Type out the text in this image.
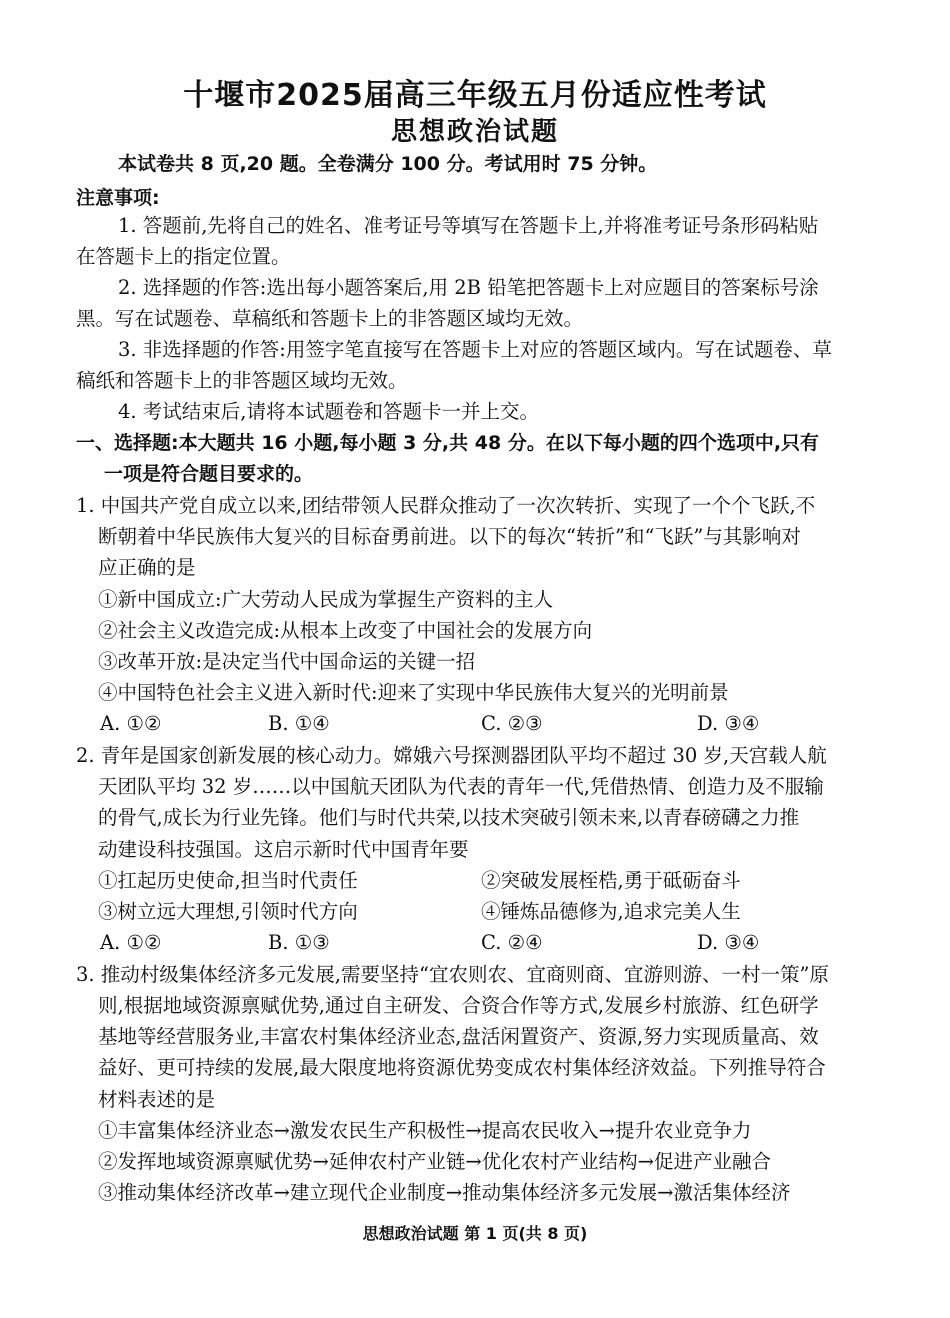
十堰市2025届高三年级五月份适应性考试
思想政治试题
本试卷共 8 页,20 题。全卷满分 100 分。考试用时 75 分钟。
注意事项:
1. 答题前,先将自己的姓名、准考证号等填写在答题卡上,并将准考证号条形码粘贴
在答题卡上的指定位置。
2. 选择题的作答:选出每小题答案后,用 2B 铅笔把答题卡上对应题目的答案标号涂
黑。写在试题卷、草稿纸和答题卡上的非答题区域均无效。
3. 非选择题的作答:用签字笔直接写在答题卡上对应的答题区域内。写在试题卷、草
稿纸和答题卡上的非答题区域均无效。
4. 考试结束后,请将本试题卷和答题卡一并上交。
一、选择题:本大题共 16 小题,每小题 3 分,共 48 分。在以下每小题的四个选项中,只有
一项是符合题目要求的。
1. 中国共产党自成立以来,团结带领人民群众推动了一次次转折、实现了一个个飞跃,不
断朝着中华民族伟大复兴的目标奋勇前进。以下的每次“转折”和“飞跃”与其影响对
应正确的是
①新中国成立:广大劳动人民成为掌握生产资料的主人
②社会主义改造完成:从根本上改变了中国社会的发展方向
③改革开放:是决定当代中国命运的关键一招
④中国特色社会主义进入新时代:迎来了实现中华民族伟大复兴的光明前景
A. ①②	B. ①④	C. ②③	D. ③④
2. 青年是国家创新发展的核心动力。嫦娥六号探测器团队平均不超过 30 岁,天宫载人航
天团队平均 32 岁……以中国航天团队为代表的青年一代,凭借热情、创造力及不服输
的骨气,成长为行业先锋。他们与时代共荣,以技术突破引领未来,以青春磅礴之力推
动建设科技强国。这启示新时代中国青年要
①扛起历史使命,担当时代责任	②突破发展桎梏,勇于砥砺奋斗
③树立远大理想,引领时代方向	④锤炼品德修为,追求完美人生
A. ①②	B. ①③	C. ②④	D. ③④
3. 推动村级集体经济多元发展,需要坚持“宜农则农、宜商则商、宜游则游、一村一策”原
则,根据地域资源禀赋优势,通过自主研发、合资合作等方式,发展乡村旅游、红色研学
基地等经营服务业,丰富农村集体经济业态,盘活闲置资产、资源,努力实现质量高、效
益好、更可持续的发展,最大限度地将资源优势变成农村集体经济效益。下列推导符合
材料表述的是
①丰富集体经济业态→激发农民生产积极性→提高农民收入→提升农业竞争力
②发挥地域资源禀赋优势→延伸农村产业链→优化农村产业结构→促进产业融合
③推动集体经济改革→建立现代企业制度→推动集体经济多元发展→激活集体经济
思想政治试题 第 1 页(共 8 页)
